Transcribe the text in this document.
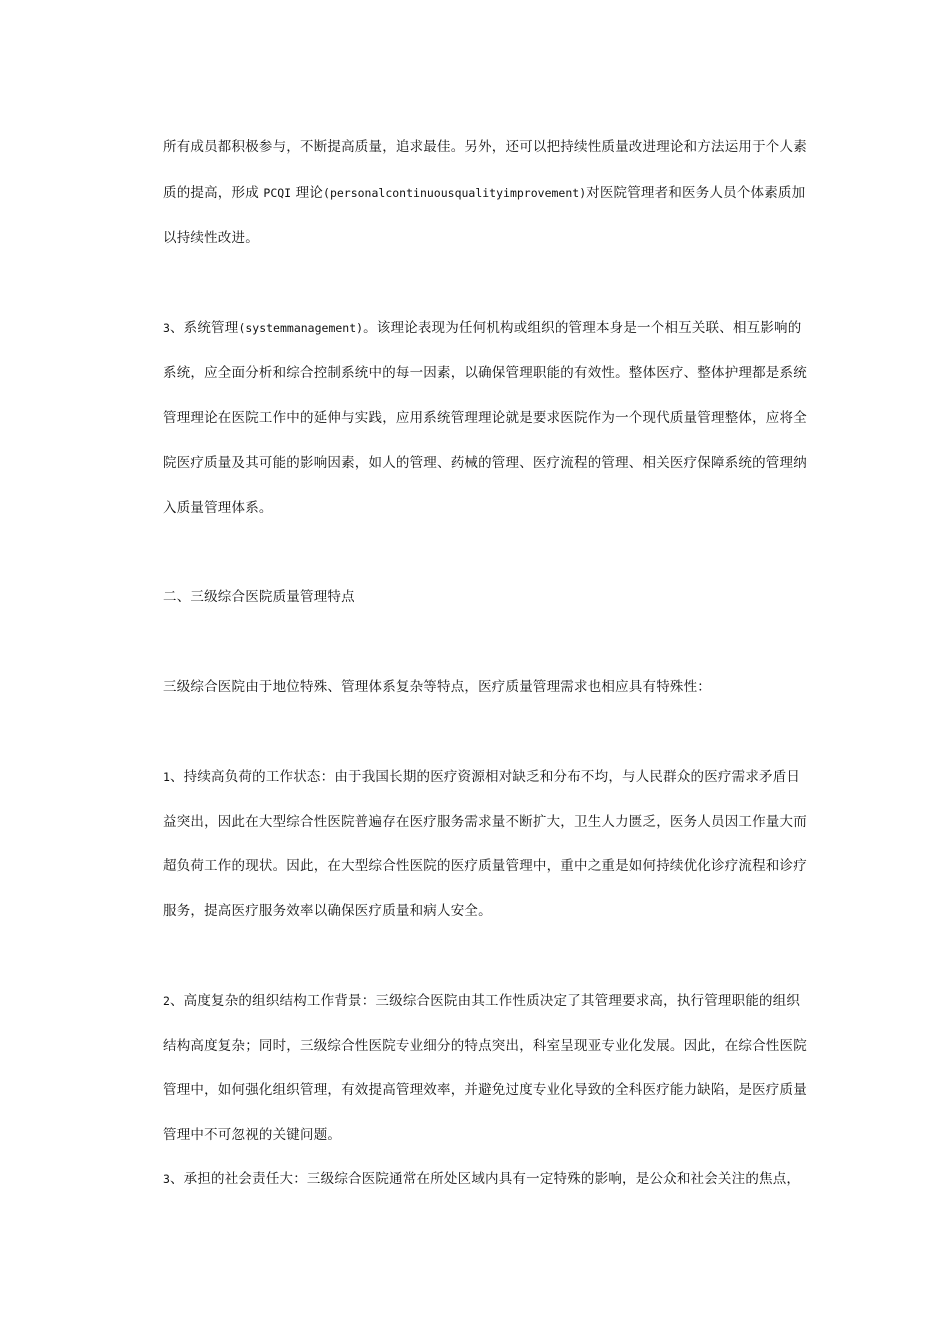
所有成员都积极参与，不断提高质量，追求最佳。另外，还可以把持续性质量改进理论和方法运用于个人素
质的提高，形成 PCQI 理论(personalcontinuousqualityimprovement)对医院管理者和医务人员个体素质加
以持续性改进。
3、系统管理(systemmanagement)。该理论表现为任何机构或组织的管理本身是一个相互关联、相互影响的
系统，应全面分析和综合控制系统中的每一因素，以确保管理职能的有效性。整体医疗、整体护理都是系统
管理理论在医院工作中的延伸与实践，应用系统管理理论就是要求医院作为一个现代质量管理整体，应将全
院医疗质量及其可能的影响因素，如人的管理、药械的管理、医疗流程的管理、相关医疗保障系统的管理纳
入质量管理体系。
二、三级综合医院质量管理特点
三级综合医院由于地位特殊、管理体系复杂等特点，医疗质量管理需求也相应具有特殊性：
1、持续高负荷的工作状态：由于我国长期的医疗资源相对缺乏和分布不均，与人民群众的医疗需求矛盾日
益突出，因此在大型综合性医院普遍存在医疗服务需求量不断扩大，卫生人力匮乏，医务人员因工作量大而
超负荷工作的现状。因此，在大型综合性医院的医疗质量管理中，重中之重是如何持续优化诊疗流程和诊疗
服务，提高医疗服务效率以确保医疗质量和病人安全。
2、高度复杂的组织结构工作背景：三级综合医院由其工作性质决定了其管理要求高，执行管理职能的组织
结构高度复杂；同时，三级综合性医院专业细分的特点突出，科室呈现亚专业化发展。因此，在综合性医院
管理中，如何强化组织管理，有效提高管理效率，并避免过度专业化导致的全科医疗能力缺陷，是医疗质量
管理中不可忽视的关键问题。
3、承担的社会责任大：三级综合医院通常在所处区域内具有一定特殊的影响，是公众和社会关注的焦点，
